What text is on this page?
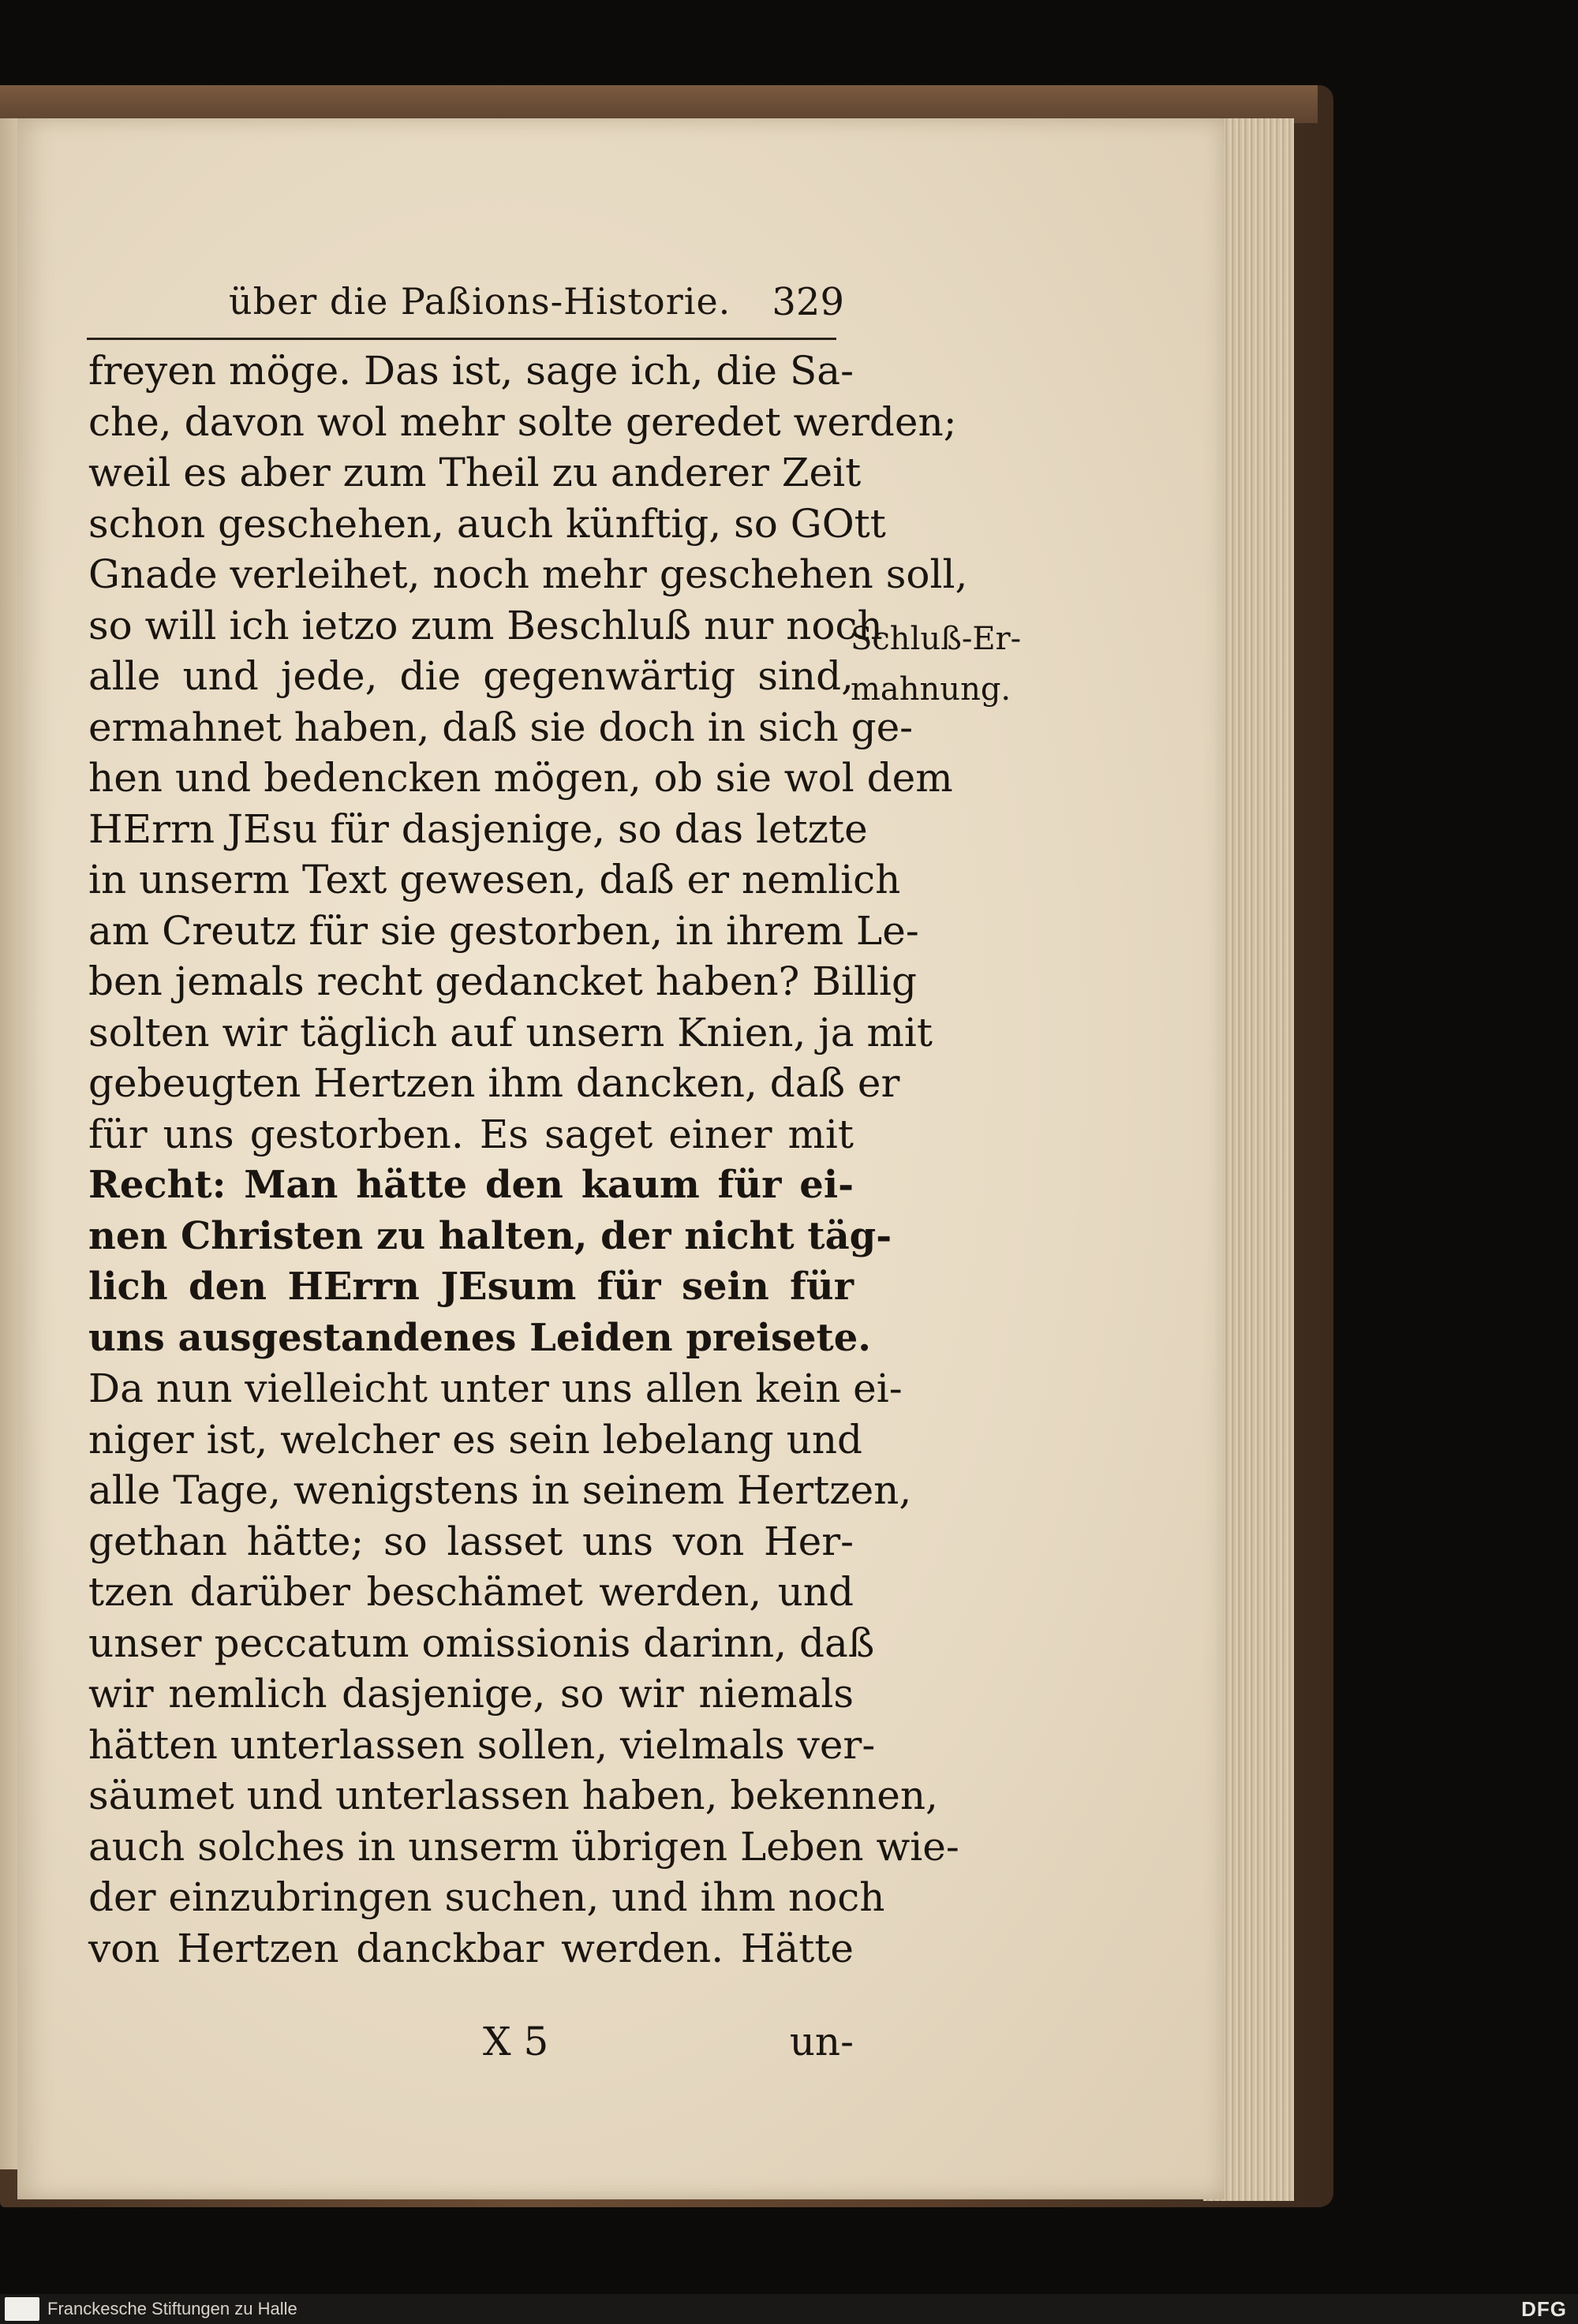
über die Paßions-Historie. 329
freyen möge. Das ist, sage ich, die Sa-
che, davon wol mehr solte geredet werden;
weil es aber zum Theil zu anderer Zeit
schon geschehen, auch künftig, so GOtt
Gnade verleihet, noch mehr geschehen soll,
so will ich ietzo zum Beschluß nur noch
alle und jede, die gegenwärtig sind,
ermahnet haben, daß sie doch in sich ge-
hen und bedencken mögen, ob sie wol dem
HErrn JEsu für dasjenige, so das letzte
in unserm Text gewesen, daß er nemlich
am Creutz für sie gestorben, in ihrem Le-
ben jemals recht gedancket haben? Billig
solten wir täglich auf unsern Knien, ja mit
gebeugten Hertzen ihm dancken, daß er
für uns gestorben. Es saget einer mit
Recht: Man hätte den kaum für ei-
nen Christen zu halten, der nicht täg-
lich den HErrn JEsum für sein für
uns ausgestandenes Leiden preisete.
Da nun vielleicht unter uns allen kein ei-
niger ist, welcher es sein lebelang und
alle Tage, wenigstens in seinem Hertzen,
gethan hätte; so lasset uns von Her-
tzen darüber beschämet werden, und
unser peccatum omissionis darinn, daß
wir nemlich dasjenige, so wir niemals
hätten unterlassen sollen, vielmals ver-
säumet und unterlassen haben, bekennen,
auch solches in unserm übrigen Leben wie-
der einzubringen suchen, und ihm noch
von Hertzen danckbar werden. Hätte
Schluß-Er-
mahnung.
X 5	un-
Franckesche Stiftungen zu Halle	DFG
